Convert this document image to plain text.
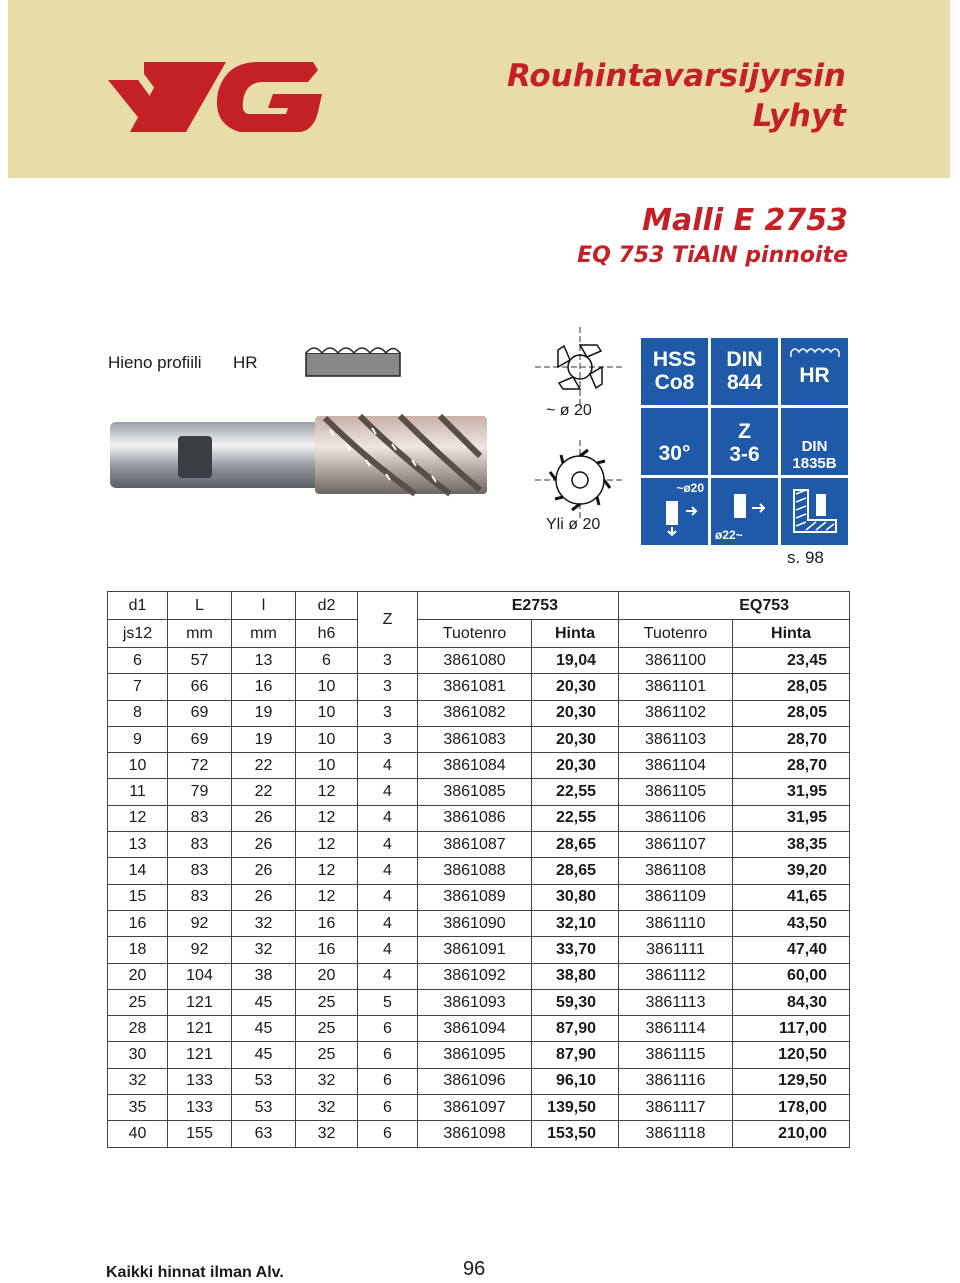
Rouhintavarsijyrsin
Lyhyt
Malli E 2753
EQ 753 TiAlN pinnoite
Hieno profiili HR
~ ø 20
Yli ø 20
HSS
Co8
DIN
844	HR
30°
Z
3-6	DIN
1835B
~ø20
ø22~
s. 98
d1	L	l	d2	Z	E2753		EQ753	
js12	mm	mm	h6		Tuotenro	Hinta	Tuotenro	Hinta
6	57	13	6	3	3861080	19,04	3861100	23,45
7	66	16	10	3	3861081	20,30	3861101	28,05
8	69	19	10	3	3861082	20,30	3861102	28,05
9	69	19	10	3	3861083	20,30	3861103	28,70
10	72	22	10	4	3861084	20,30	3861104	28,70
11	79	22	12	4	3861085	22,55	3861105	31,95
12	83	26	12	4	3861086	22,55	3861106	31,95
13	83	26	12	4	3861087	28,65	3861107	38,35
14	83	26	12	4	3861088	28,65	3861108	39,20
15	83	26	12	4	3861089	30,80	3861109	41,65
16	92	32	16	4	3861090	32,10	3861110	43,50
18	92	32	16	4	3861091	33,70	3861111	47,40
20	104	38	20	4	3861092	38,80	3861112	60,00
25	121	45	25	5	3861093	59,30	3861113	84,30
28	121	45	25	6	3861094	87,90	3861114	117,00
30	121	45	25	6	3861095	87,90	3861115	120,50
32	133	53	32	6	3861096	96,10	3861116	129,50
35	133	53	32	6	3861097	139,50	3861117	178,00
40	155	63	32	6	3861098	153,50	3861118	210,00
Kaikki hinnat ilman Alv.	96
